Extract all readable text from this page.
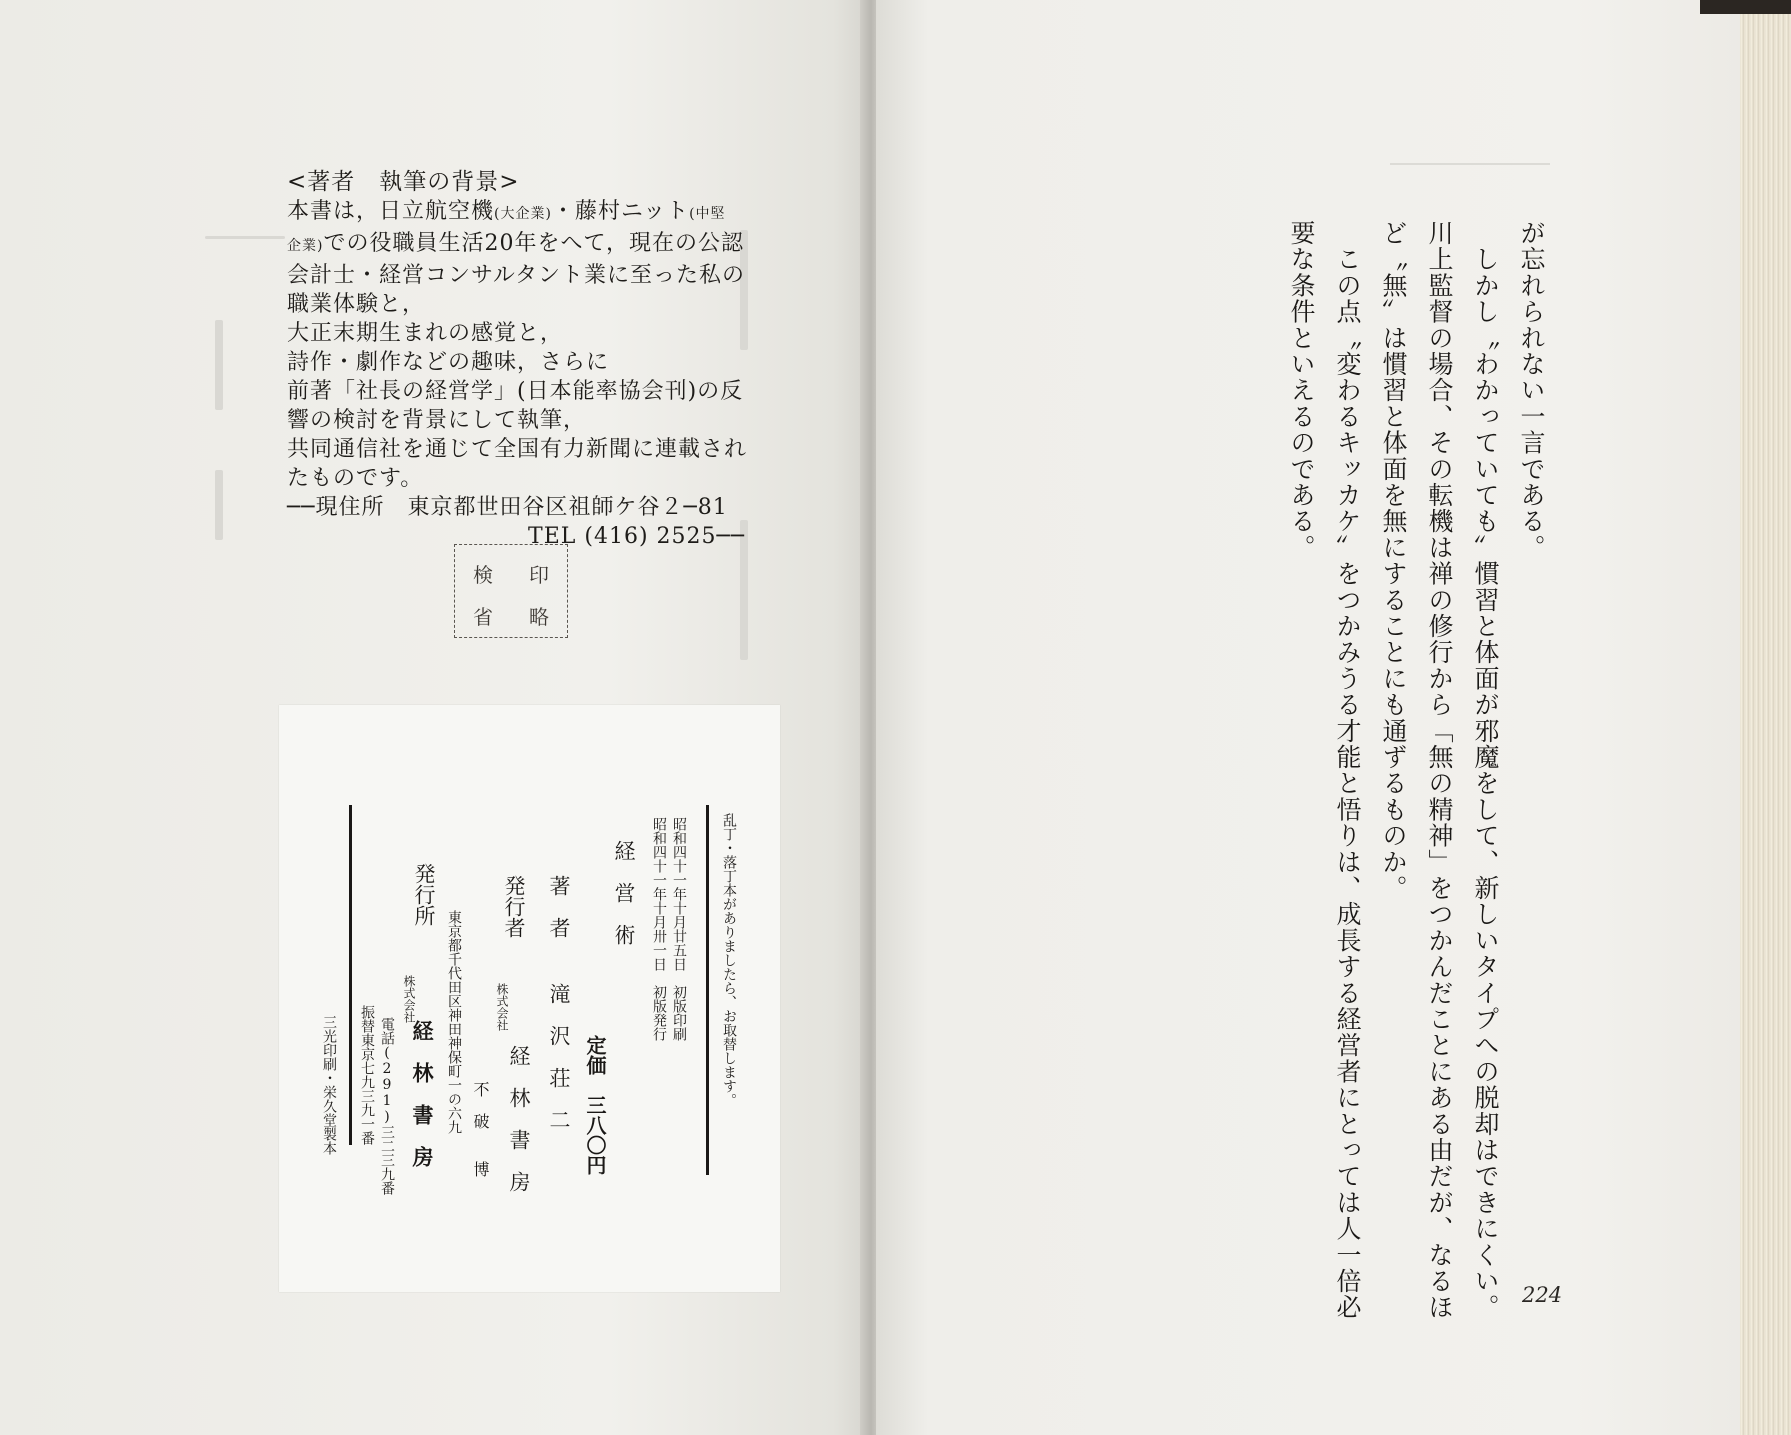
<著者　執筆の背景>
本書は，日立航空機(大企業)・藤村ニット(中堅
企業)での役職員生活20年をへて，現在の公認
会計士・経営コンサルタント業に至った私の
職業体験と，
大正末期生まれの感覚と，
詩作・劇作などの趣味，さらに
前著「社長の経営学」(日本能率協会刊)の反
響の検討を背景にして執筆，
共同通信社を通じて全国有力新聞に連載され
たものです。
──現住所　東京都世田谷区祖師ケ谷２─81
TEL (416) 2525──
検 印
省 略
乱丁・落丁本がありましたら、お取替します。
昭和四十一年十月廿五日　初版印刷
昭和四十一年十月卅一日　初版発行
経　営　術
定価　三八〇円
著　者
滝　沢　荘　二
発行者
株式会社
経　林　書　房
不　破　　博
東京都千代田区神田神保町一の六九
発行所
株式会社
経　林　書　房
電話(291)三二三九番
振替東京七九三九一番
三光印刷・栄久堂製本
が忘れられない一言である。
　しかし〝わかっていても〟慣習と体面が邪魔をして、新しいタイプへの脱却はできにくい。
川上監督の場合、その転機は禅の修行から「無の精神」をつかんだことにある由だが、なるほ
ど〝無〟は慣習と体面を無にすることにも通ずるものか。
　この点〝変わるキッカケ〟をつかみうる才能と悟りは、成長する経営者にとっては人一倍必
要な条件といえるのである。
224
